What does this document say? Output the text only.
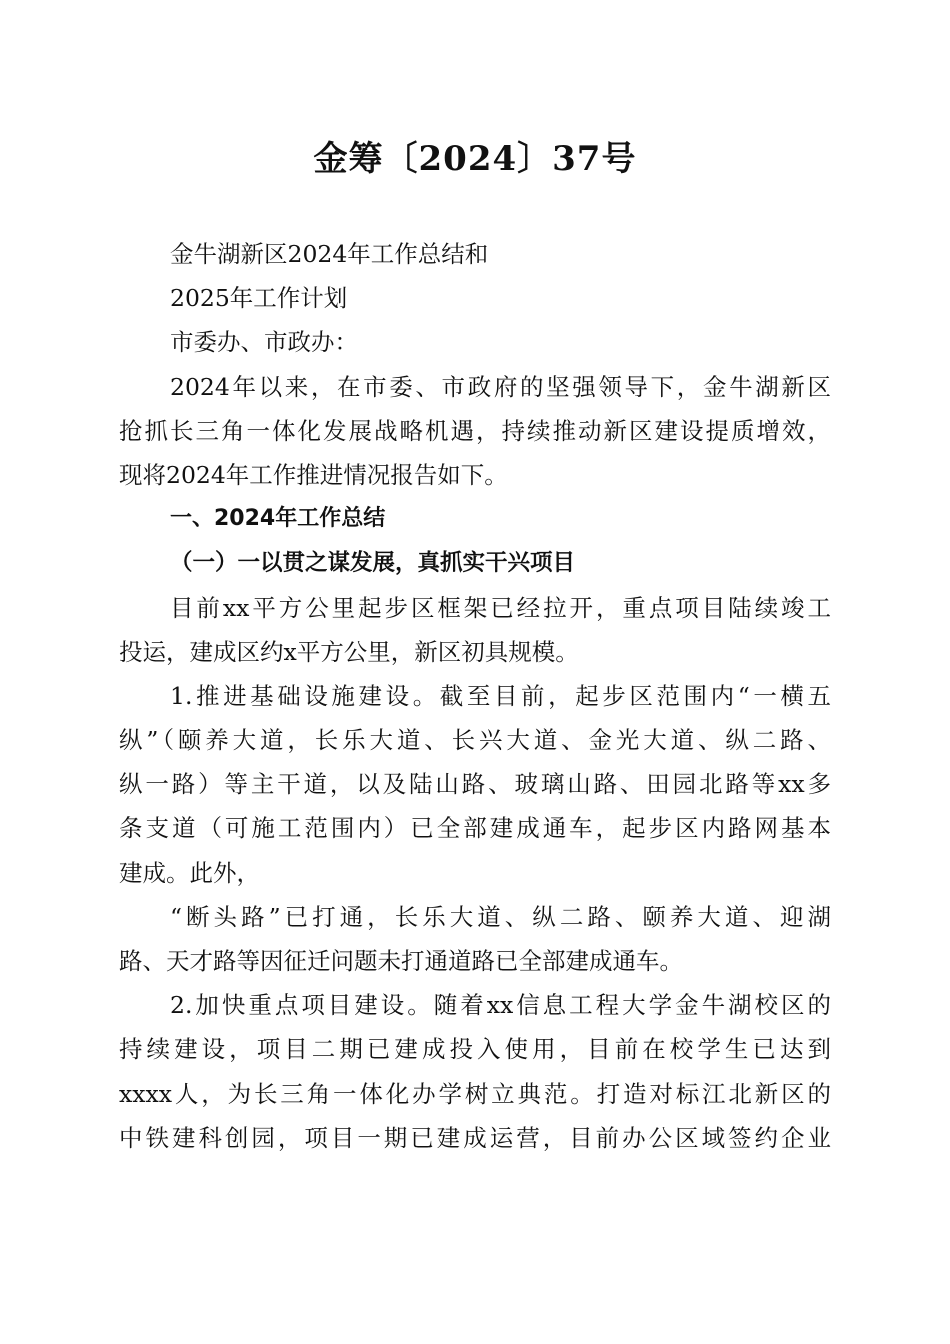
金筹〔2024〕37号
金牛湖新区2024年工作总结和
2025年工作计划
市委办、市政办：
2024年以来，在市委、市政府的坚强领导下，金牛湖新区
抢抓长三角一体化发展战略机遇，持续推动新区建设提质增效，
现将2024年工作推进情况报告如下。
一、2024年工作总结
（一）一以贯之谋发展，真抓实干兴项目
目前xx平方公里起步区框架已经拉开，重点项目陆续竣工
投运，建成区约x平方公里，新区初具规模。
1.推进基础设施建设。截至目前，起步区范围内“一横五
纵”（颐养大道，长乐大道、长兴大道、金光大道、纵二路、
纵一路）等主干道，以及陆山路、玻璃山路、田园北路等xx多
条支道（可施工范围内）已全部建成通车，起步区内路网基本
建成。此外，
“断头路”已打通，长乐大道、纵二路、颐养大道、迎湖
路、天才路等因征迁问题未打通道路已全部建成通车。
2.加快重点项目建设。随着xx信息工程大学金牛湖校区的
持续建设，项目二期已建成投入使用，目前在校学生已达到
xxxx人，为长三角一体化办学树立典范。打造对标江北新区的
中铁建科创园，项目一期已建成运营，目前办公区域签约企业
